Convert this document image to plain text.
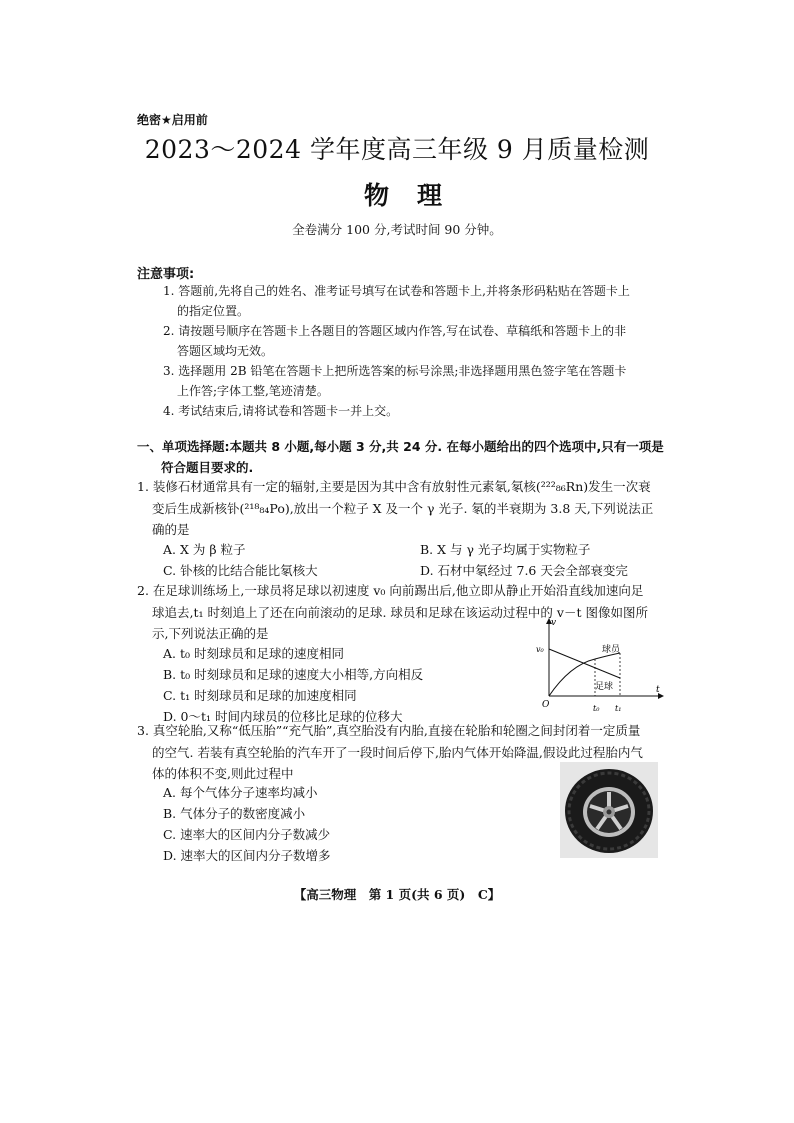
绝密★启用前
2023～2024 学年度高三年级 9 月质量检测
物理
全卷满分 100 分,考试时间 90 分钟。
注意事项:
1. 答题前,先将自己的姓名、准考证号填写在试卷和答题卡上,并将条形码粘贴在答题卡上
的指定位置。
2. 请按题号顺序在答题卡上各题目的答题区域内作答,写在试卷、草稿纸和答题卡上的非
答题区域均无效。
3. 选择题用 2B 铅笔在答题卡上把所选答案的标号涂黑;非选择题用黑色签字笔在答题卡
上作答;字体工整,笔迹清楚。
4. 考试结束后,请将试卷和答题卡一并上交。
一、单项选择题:本题共 8 小题,每小题 3 分,共 24 分. 在每小题给出的四个选项中,只有一项是
符合题目要求的.
1. 装修石材通常具有一定的辐射,主要是因为其中含有放射性元素氡,氡核(²²²₈₆Rn)发生一次衰
变后生成新核钋(²¹⁸₈₄Po),放出一个粒子 X 及一个 γ 光子. 氡的半衰期为 3.8 天,下列说法正
确的是
A. X 为 β 粒子	B. X 与 γ 光子均属于实物粒子
C. 钋核的比结合能比氡核大	D. 石材中氡经过 7.6 天会全部衰变完
2. 在足球训练场上,一球员将足球以初速度 v₀ 向前踢出后,他立即从静止开始沿直线加速向足
球追去,t₁ 时刻追上了还在向前滚动的足球. 球员和足球在该运动过程中的 v－t 图像如图所
示,下列说法正确的是
A. t₀ 时刻球员和足球的速度相同
B. t₀ 时刻球员和足球的速度大小相等,方向相反
C. t₁ 时刻球员和足球的加速度相同
D. 0～t₁ 时间内球员的位移比足球的位移大
v
t
v₀
O	t₀ t₁
球员
足球
3. 真空轮胎,又称“低压胎”“充气胎”,真空胎没有内胎,直接在轮胎和轮圈之间封闭着一定质量
的空气. 若装有真空轮胎的汽车开了一段时间后停下,胎内气体开始降温,假设此过程胎内气
体的体积不变,则此过程中
A. 每个气体分子速率均减小
B. 气体分子的数密度减小
C. 速率大的区间内分子数减少
D. 速率大的区间内分子数增多
【高三物理　第 1 页(共 6 页)　C】
